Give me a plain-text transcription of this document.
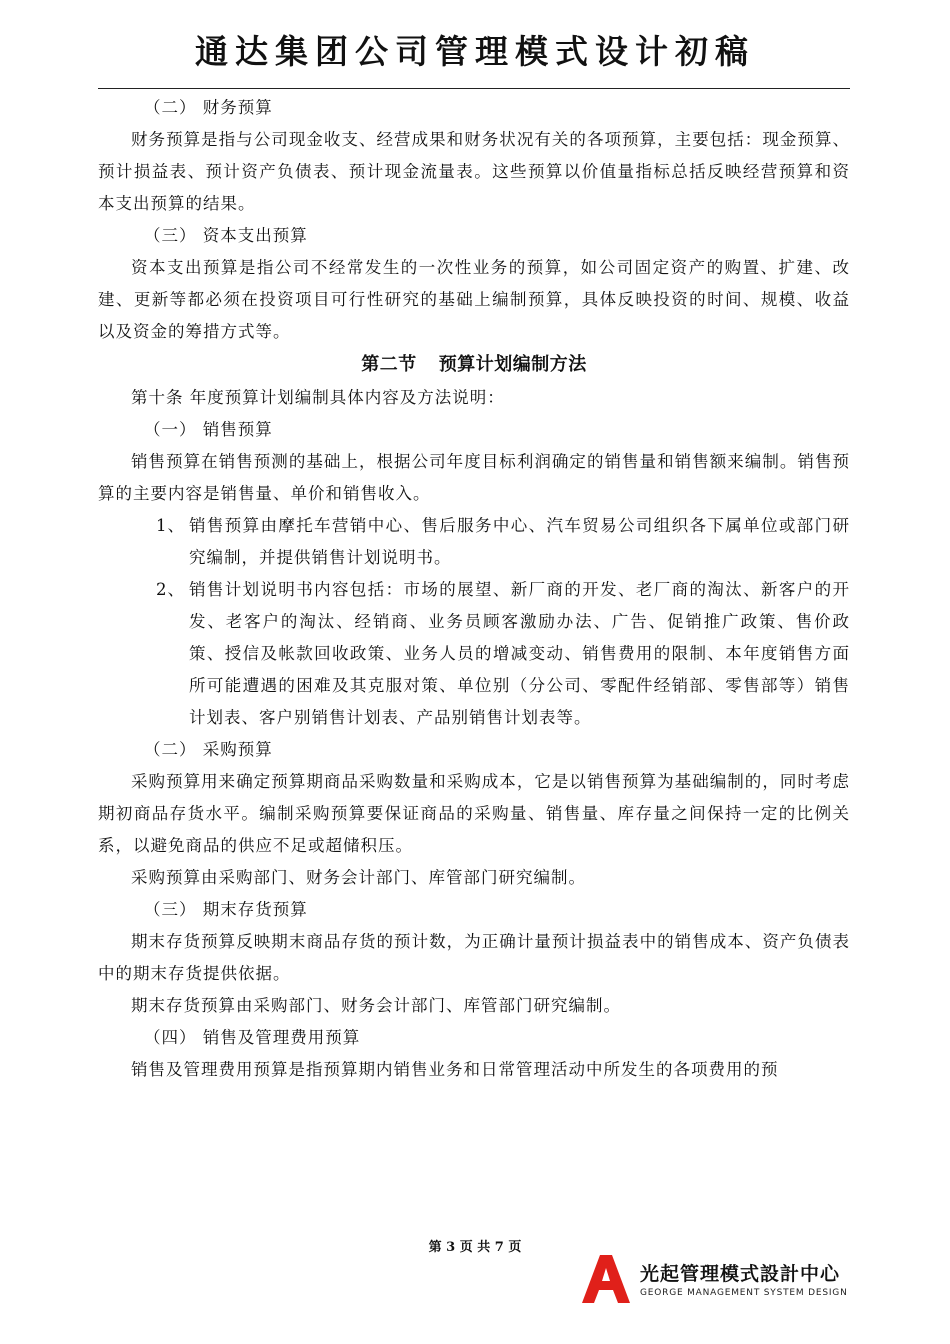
通达集团公司管理模式设计初稿

（二） 财务预算

财务预算是指与公司现金收支、经营成果和财务状况有关的各项预算，主要包括：现金预算、预计损益表、预计资产负债表、预计现金流量表。这些预算以价值量指标总括反映经营预算和资本支出预算的结果。

（三） 资本支出预算

资本支出预算是指公司不经常发生的一次性业务的预算，如公司固定资产的购置、扩建、改建、更新等都必须在投资项目可行性研究的基础上编制预算，具体反映投资的时间、规模、收益以及资金的筹措方式等。

第二节 预算计划编制方法

第十条 年度预算计划编制具体内容及方法说明：

（一） 销售预算

销售预算在销售预测的基础上，根据公司年度目标利润确定的销售量和销售额来编制。销售预算的主要内容是销售量、单价和销售收入。

1、 销售预算由摩托车营销中心、售后服务中心、汽车贸易公司组织各下属单位或部门研究编制，并提供销售计划说明书。
2、 销售计划说明书内容包括：市场的展望、新厂商的开发、老厂商的淘汰、新客户的开发、老客户的淘汰、经销商、业务员顾客激励办法、广告、促销推广政策、售价政策、授信及帐款回收政策、业务人员的增减变动、销售费用的限制、本年度销售方面所可能遭遇的困难及其克服对策、单位别（分公司、零配件经销部、零售部等）销售计划表、客户别销售计划表、产品别销售计划表等。

（二） 采购预算

采购预算用来确定预算期商品采购数量和采购成本，它是以销售预算为基础编制的，同时考虑期初商品存货水平。编制采购预算要保证商品的采购量、销售量、库存量之间保持一定的比例关系，以避免商品的供应不足或超储积压。

采购预算由采购部门、财务会计部门、库管部门研究编制。

（三） 期末存货预算

期末存货预算反映期末商品存货的预计数，为正确计量预计损益表中的销售成本、资产负债表中的期末存货提供依据。

期末存货预算由采购部门、财务会计部门、库管部门研究编制。

（四） 销售及管理费用预算

销售及管理费用预算是指预算期内销售业务和日常管理活动中所发生的各项费用的预

第 3 页 共 7 页
光起管理模式設計中心
GEORGE MANAGEMENT SYSTEM DESIGN
